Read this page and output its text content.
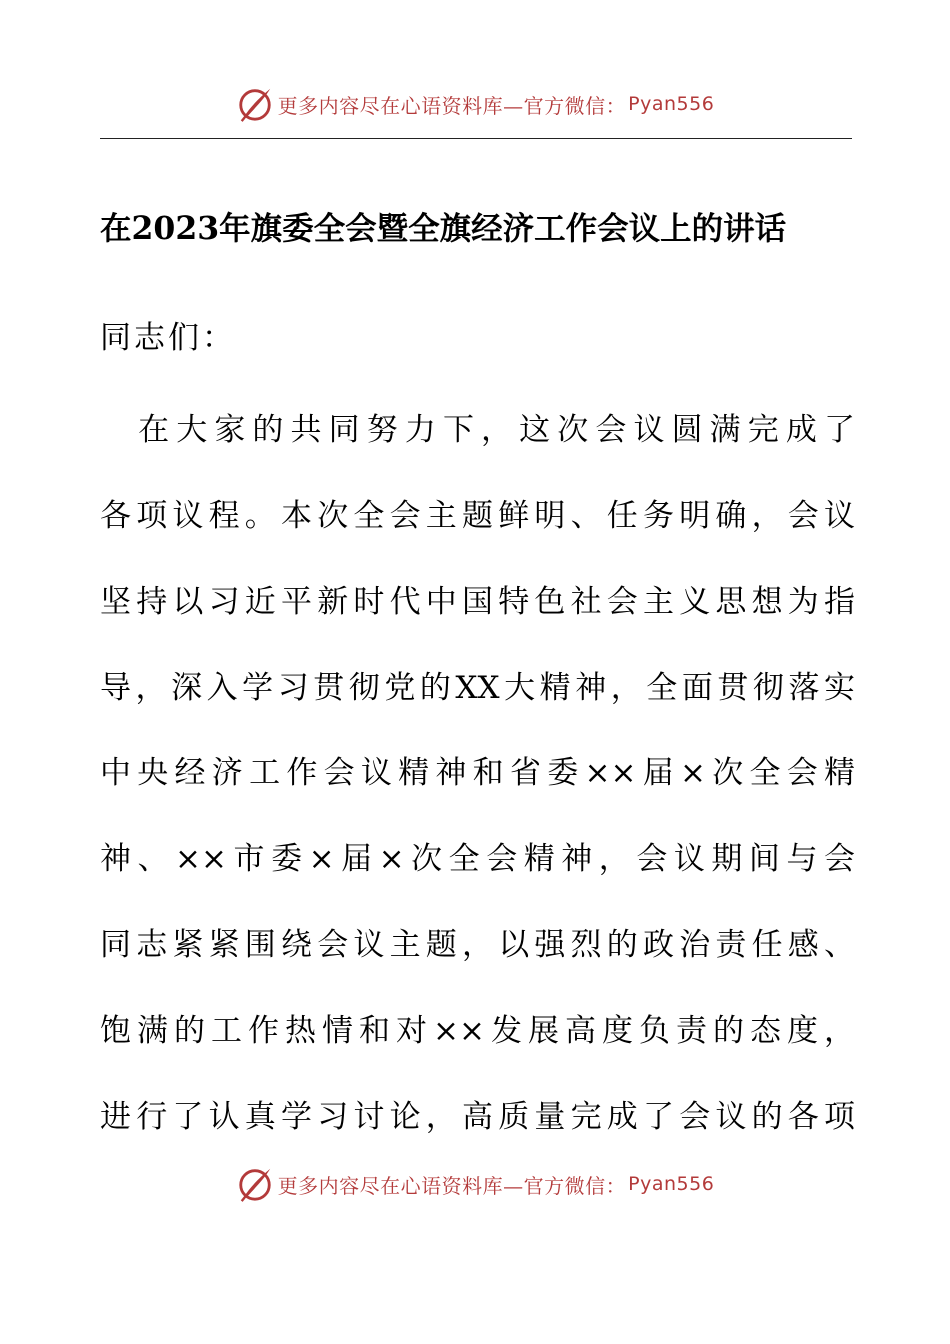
更多内容尽在心语资料库—官方微信： Pyan556
在2023年旗委全会暨全旗经济工作会议上的讲话
同志们：
　在大家的共同努力下，这次会议圆满完成了
各项议程。本次全会主题鲜明、任务明确，会议
坚持以习近平新时代中国特色社会主义思想为指
导，深入学习贯彻党的XX大精神，全面贯彻落实
中央经济工作会议精神和省委××届×次全会精
神、××市委×届×次全会精神，会议期间与会
同志紧紧围绕会议主题，以强烈的政治责任感、
饱满的工作热情和对××发展高度负责的态度，
进行了认真学习讨论，高质量完成了会议的各项
更多内容尽在心语资料库—官方微信： Pyan556
